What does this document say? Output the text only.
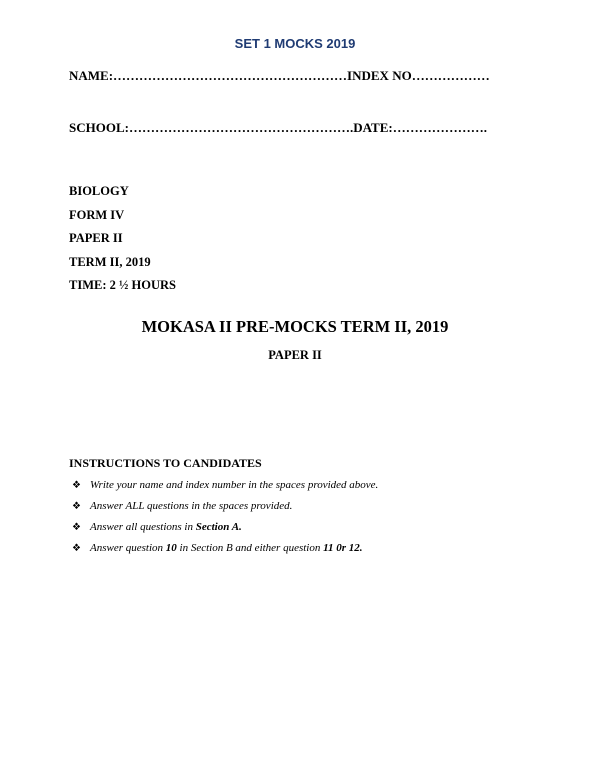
SET 1 MOCKS 2019
NAME:………………………………………………INDEX NO………………
SCHOOL:…………………………………………….DATE:………………….
BIOLOGY
FORM IV
PAPER II
TERM II, 2019
TIME: 2 ½ HOURS
MOKASA II PRE-MOCKS TERM II, 2019
PAPER II
INSTRUCTIONS TO CANDIDATES
❖ Write your name and index number in the spaces provided above.
❖ Answer ALL questions in the spaces provided.
❖ Answer all questions in Section A.
❖ Answer question 10 in Section B and either question 11 0r 12.
